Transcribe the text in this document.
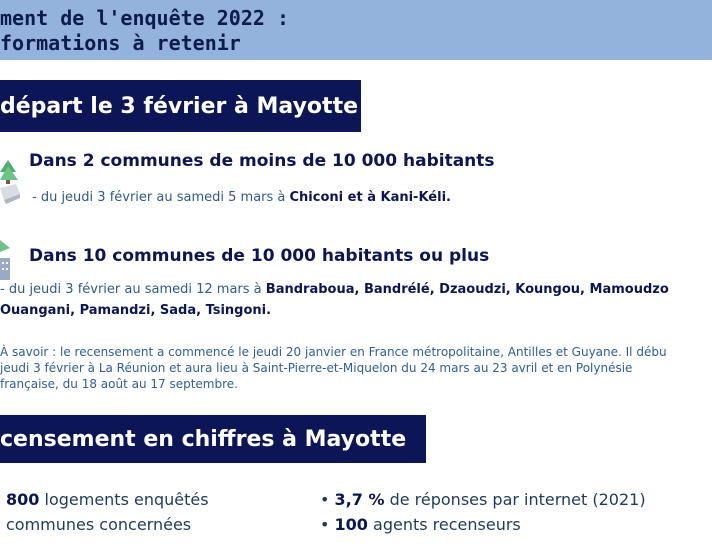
ment de l'enquête 2022 :
formations à retenir
départ le 3 février à Mayotte
Dans 2 communes de moins de 10 000 habitants
- du jeudi 3 février au samedi 5 mars à Chiconi et à Kani-Kéli.
Dans 10 communes de 10 000 habitants ou plus
- du jeudi 3 février au samedi 12 mars à Bandraboua, Bandrélé, Dzaoudzi, Koungou, Mamoudzo
Ouangani, Pamandzi, Sada, Tsingoni.
À savoir : le recensement a commencé le jeudi 20 janvier en France métropolitaine, Antilles et Guyane. Il débu
jeudi 3 février à La Réunion et aura lieu à Saint-Pierre-et-Miquelon du 24 mars au 23 avril et en Polynésie
française, du 18 août au 17 septembre.
censement en chiffres à Mayotte
800 logements enquêtés
communes concernées
• 3,7 % de réponses par internet (2021)
• 100 agents recenseurs
